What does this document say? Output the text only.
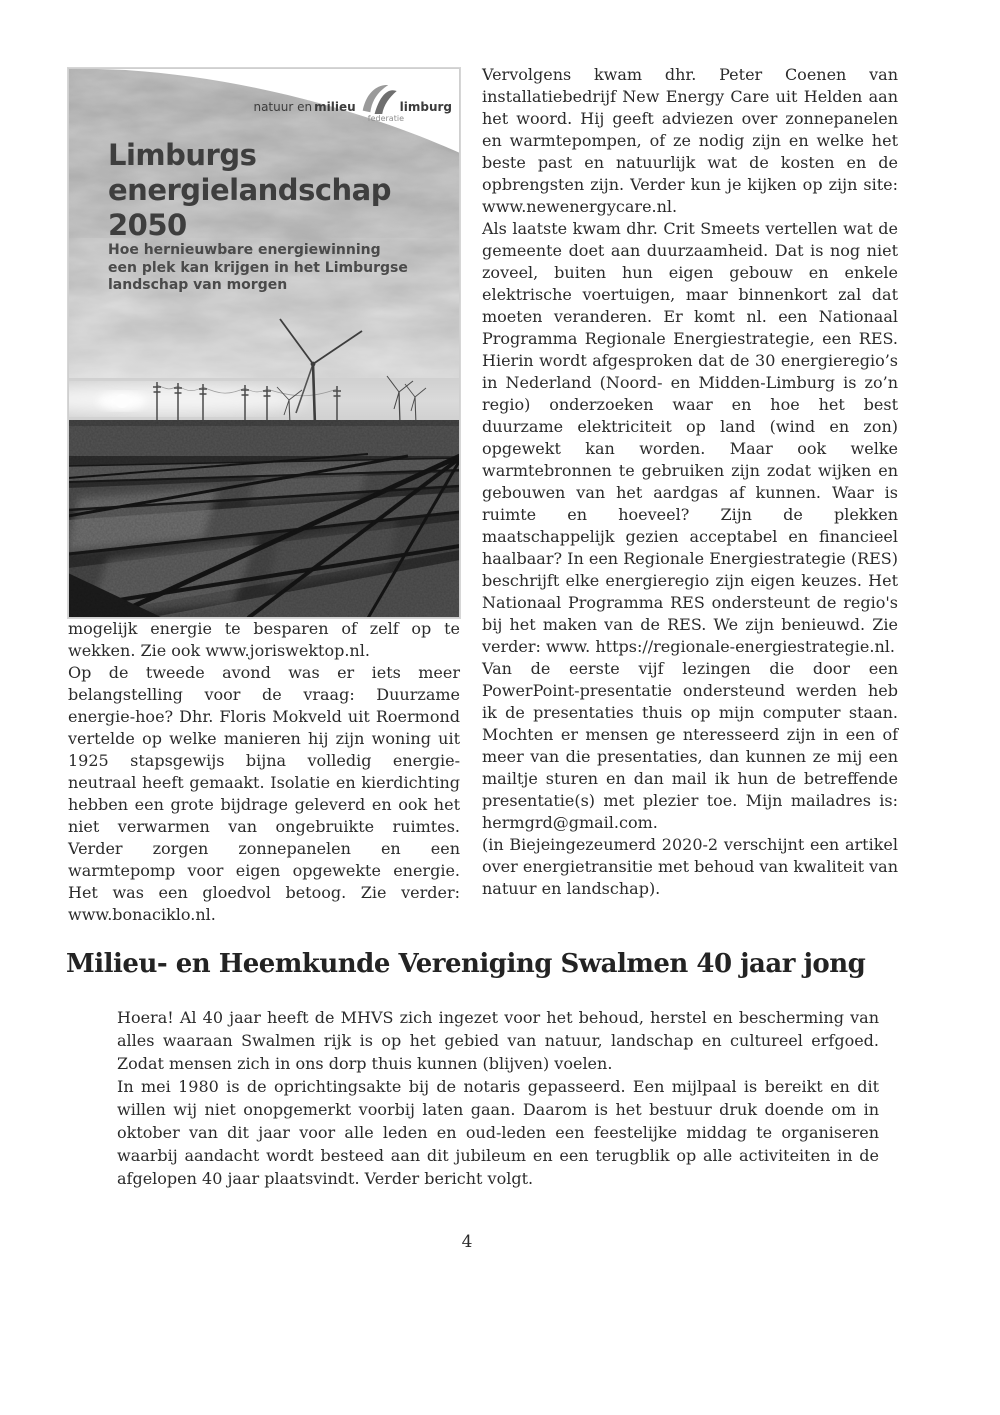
natuur en milieu	limburg
federatie
Limburgs
energielandschap
2050
Hoe hernieuwbare energiewinning
een plek kan krijgen in het Limburgse
landschap van morgen

mogelijk energie te besparen of zelf op te wekken. Zie ook www.joriswektop.nl.

Op de tweede avond was er iets meer belangstelling voor de vraag: Duurzame energie-hoe? Dhr. Floris Mokveld uit Roermond vertelde op welke manieren hij zijn woning uit 1925 stapsgewijs bijna volledig energie-neutraal heeft gemaakt. Isolatie en kierdichting hebben een grote bijdrage geleverd en ook het niet verwarmen van ongebruikte ruimtes. Verder zorgen zonnepanelen en een warmtepomp voor eigen opgewekte energie. Het was een gloedvol betoog. Zie verder: www.bonaciklo.nl.

Vervolgens kwam dhr. Peter Coenen van installatiebedrijf New Energy Care uit Helden aan het woord. Hij geeft adviezen over zonnepanelen en warmtepompen, of ze nodig zijn en welke het beste past en natuurlijk wat de kosten en de opbrengsten zijn. Verder kun je kijken op zijn site: www.newenergycare.nl.

Als laatste kwam dhr. Crit Smeets vertellen wat de gemeente doet aan duurzaamheid. Dat is nog niet zoveel, buiten hun eigen gebouw en enkele elektrische voertuigen, maar binnenkort zal dat moeten veranderen. Er komt nl. een Nationaal Programma Regionale Energiestrategie, een RES. Hierin wordt afgesproken dat de 30 energieregio’s in Nederland (Noord- en Midden-Limburg is zo’n regio) onderzoeken waar en hoe het best duurzame elektriciteit op land (wind en zon) opgewekt kan worden. Maar ook welke warmtebronnen te gebruiken zijn zodat wijken en gebouwen van het aardgas af kunnen. Waar is ruimte en hoeveel? Zijn de plekken maatschappelijk gezien acceptabel en financieel haalbaar? In een Regionale Energiestrategie (RES) beschrijft elke energieregio zijn eigen keuzes. Het Nationaal Programma RES ondersteunt de regio's bij het maken van de RES. We zijn benieuwd. Zie verder: www. https://regionale-energiestrategie.nl.

Van de eerste vijf lezingen die door een PowerPoint-presentatie ondersteund werden heb ik de presentaties thuis op mijn computer staan. Mochten er mensen ge nteresseerd zijn in een of meer van die presentaties, dan kunnen ze mij een mailtje sturen en dan mail ik hun de betreffende presentatie(s) met plezier toe. Mijn mailadres is: hermgrd@gmail.com.

(in Biejeingezeumerd 2020-2 verschijnt een artikel over energietransitie met behoud van kwaliteit van natuur en landschap).

Milieu- en Heemkunde Vereniging Swalmen 40 jaar jong

Hoera! Al 40 jaar heeft de MHVS zich ingezet voor het behoud, herstel en bescherming van alles waaraan Swalmen rijk is op het gebied van natuur, landschap en cultureel erfgoed. Zodat mensen zich in ons dorp thuis kunnen (blijven) voelen.

In mei 1980 is de oprichtingsakte bij de notaris gepasseerd. Een mijlpaal is bereikt en dit willen wij niet onopgemerkt voorbij laten gaan. Daarom is het bestuur druk doende om in oktober van dit jaar voor alle leden en oud-leden een feestelijke middag te organiseren waarbij aandacht wordt besteed aan dit jubileum en een terugblik op alle activiteiten in de afgelopen 40 jaar plaatsvindt. Verder bericht volgt.

4
